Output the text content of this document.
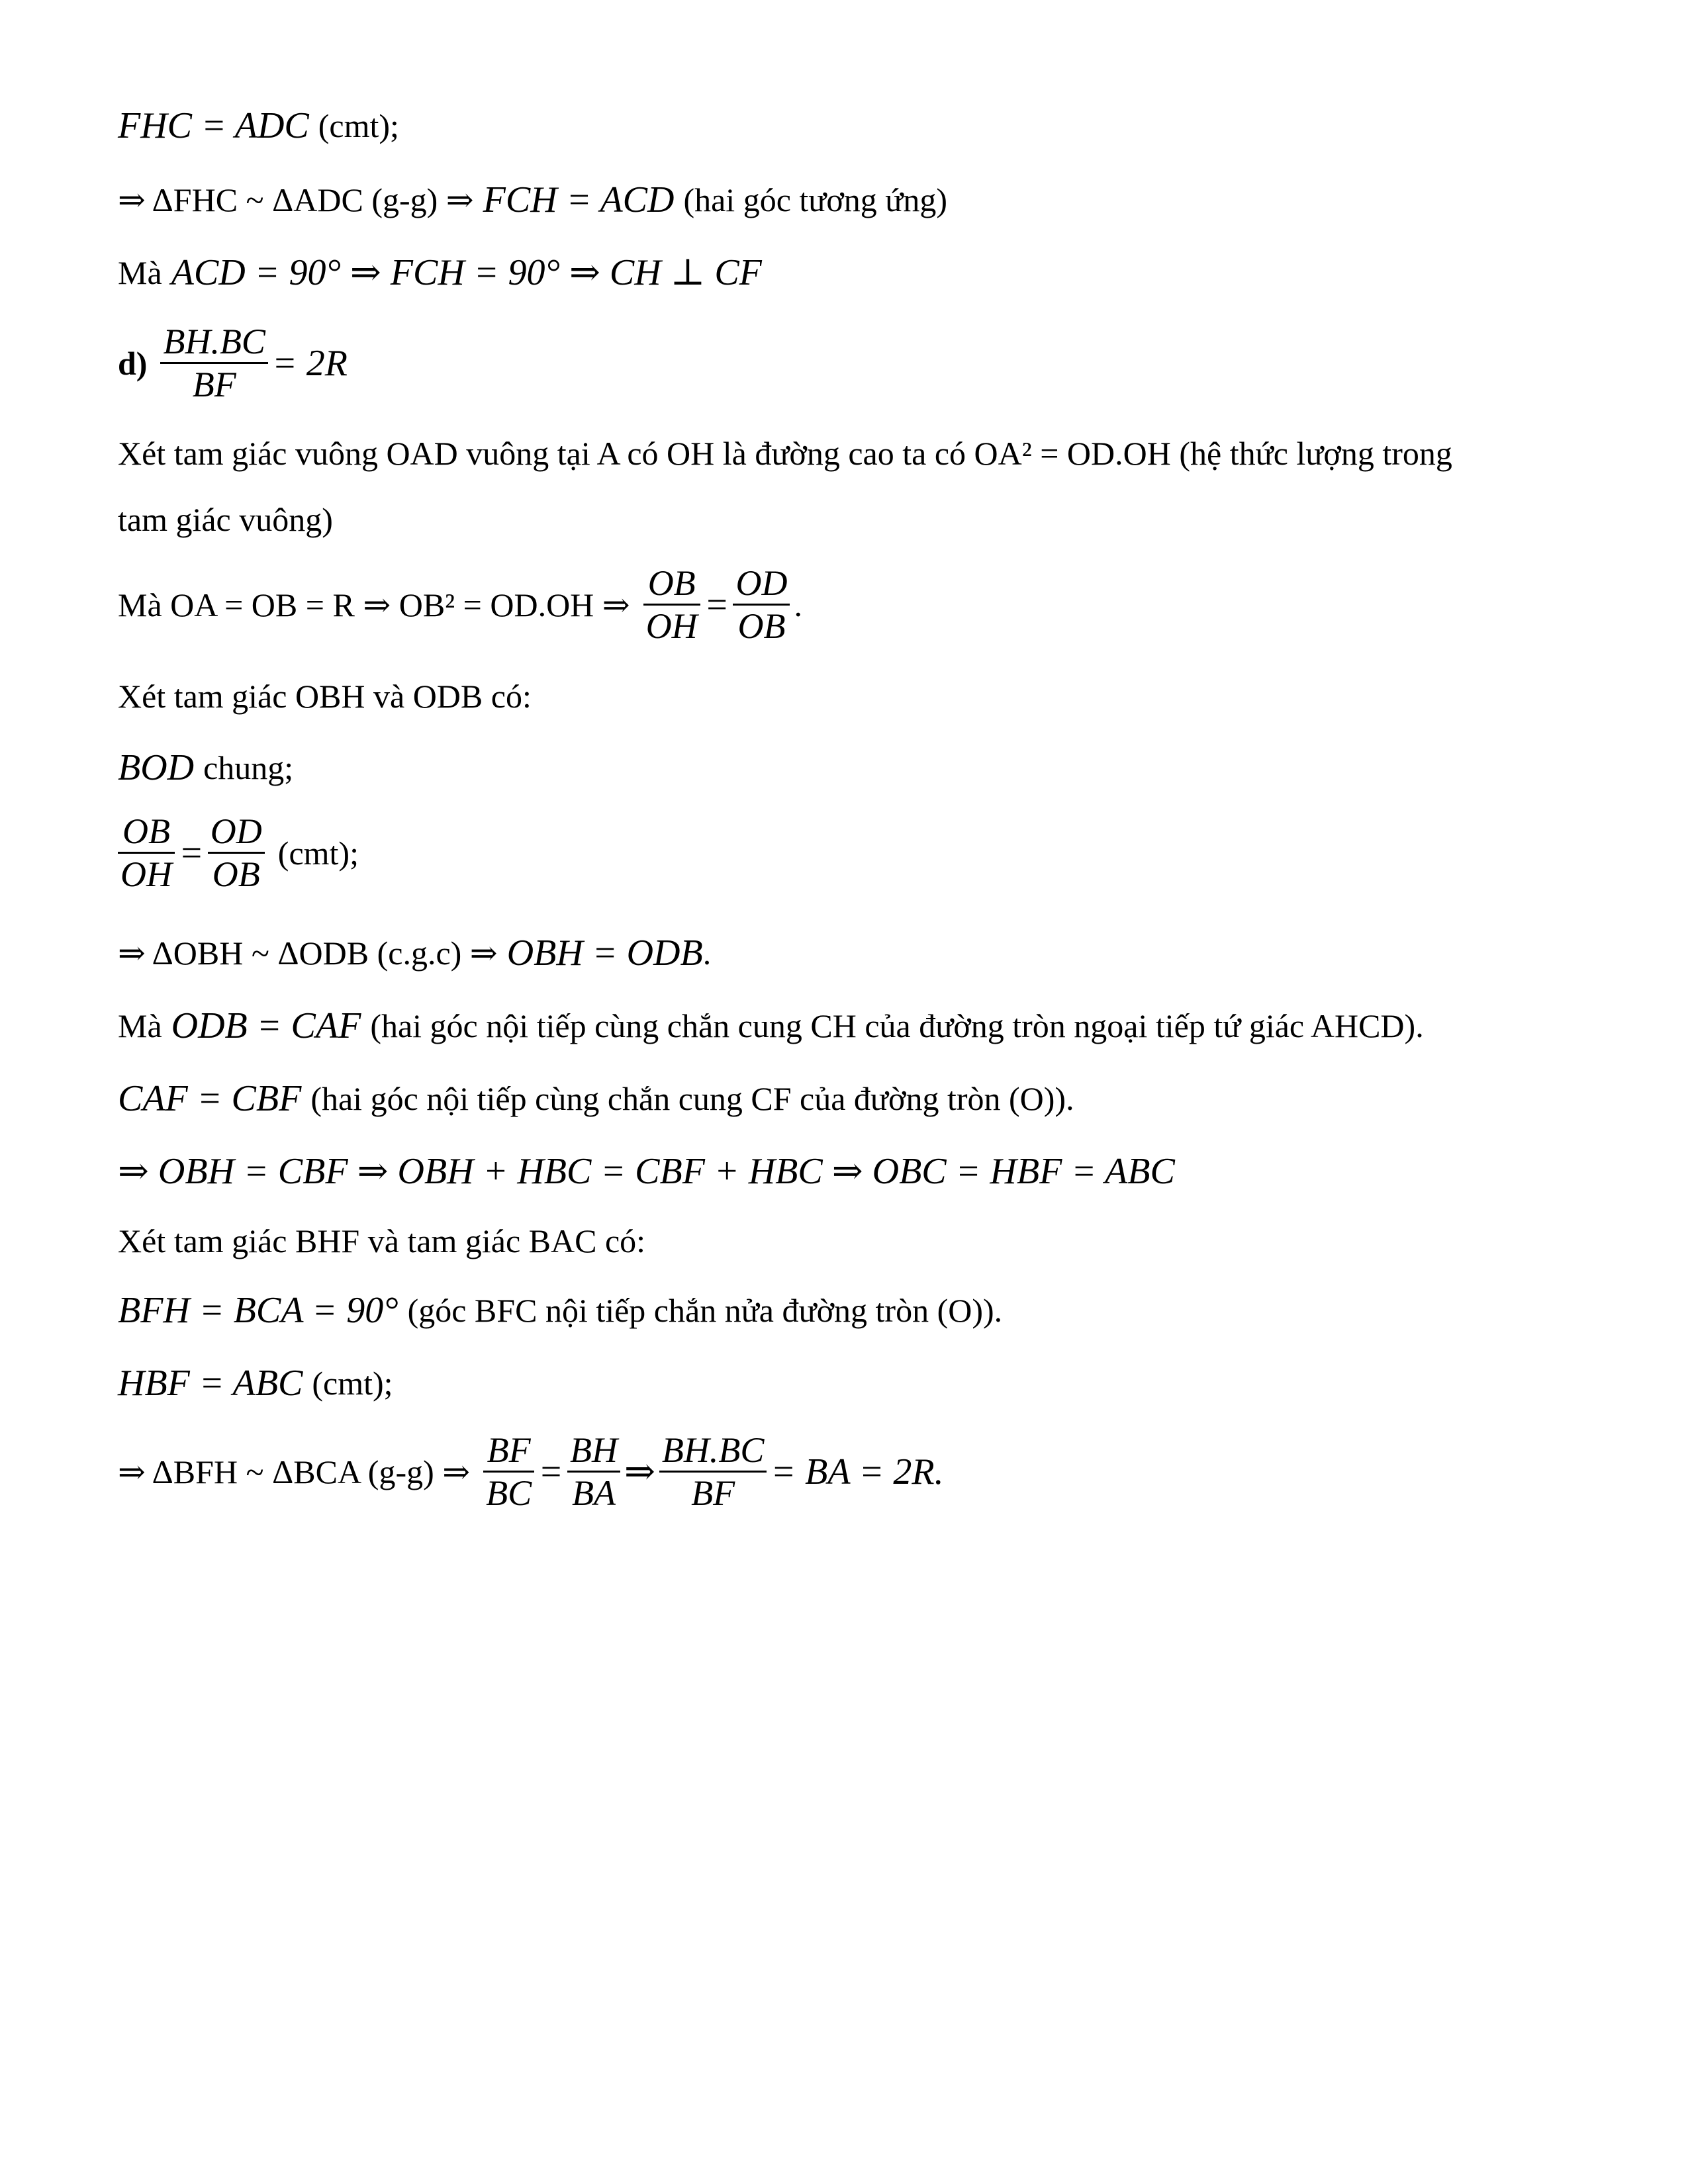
FHC = ADC (cmt);
⇒ ΔFHC ~ ΔADC (g-g) ⇒ FCH = ACD (hai góc tương ứng)
Mà ACD = 90° ⇒ FCH = 90° ⇒ CH ⊥ CF
$d) \frac{BH.BC}{BF} = 2R$
Xét tam giác vuông OAD vuông tại A có OH là đường cao ta có OA² = OD.OH (hệ thức lượng trong
tam giác vuông)
Mà OA = OB = R ⇒ OB² = OD.OH ⇒ $\frac{OB}{OH} = \frac{OD}{OB}$ .
Xét tam giác OBH và ODB có:
BOD chung;
$\frac{OB}{OH} = \frac{OD}{OB} (cmt)$;
⇒ ΔOBH ~ ΔODB (c.g.c) ⇒ OBH = ODB .
Mà ODB = CAF (hai góc nội tiếp cùng chắn cung CH của đường tròn ngoại tiếp tứ giác AHCD).
CAF = CBF (hai góc nội tiếp cùng chắn cung CF của đường tròn (O)).
⇒ OBH = CBF ⇒ OBH + HBC = CBF + HBC ⇒ OBC = HBF = ABC
Xét tam giác BHF và tam giác BAC có:
BFH = BCA = 90° (góc BFC nội tiếp chắn nửa đường tròn (O)).
HBF = ABC (cmt);
⇒ ΔBFH ~ ΔBCA (g-g) ⇒ $\frac{BF}{BC} = \frac{BH}{BA}$ ⇒ $\frac{BH.BC}{BF}$ = BA = 2R.
